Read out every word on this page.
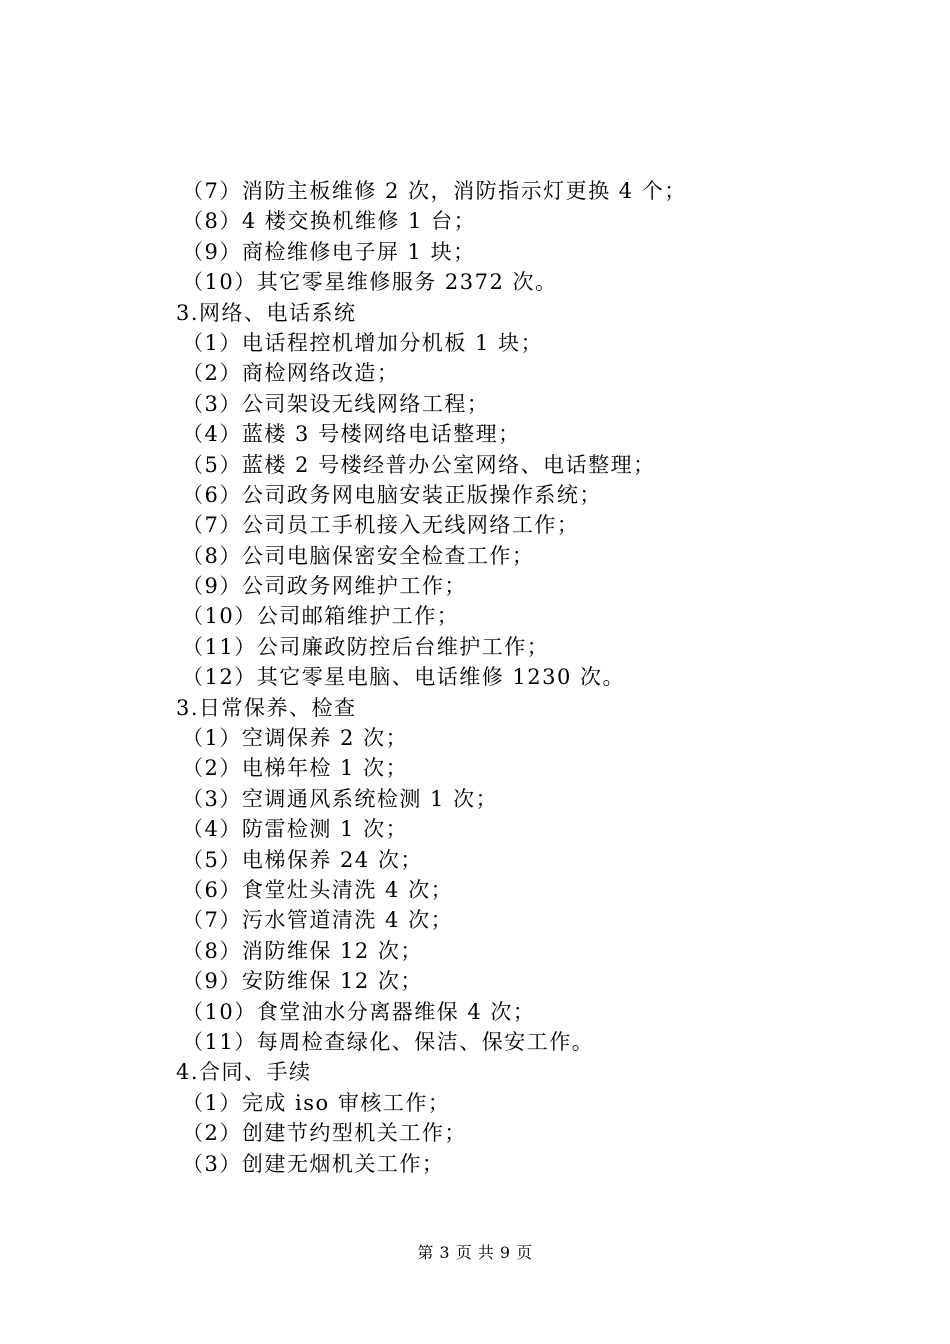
（7）消防主板维修 2 次，消防指示灯更换 4 个；
（8）4 楼交换机维修 1 台；
（9）商检维修电子屏 1 块；
（10）其它零星维修服务 2372 次。
3.网络、电话系统
（1）电话程控机增加分机板 1 块；
（2）商检网络改造；
（3）公司架设无线网络工程；
（4）蓝楼 3 号楼网络电话整理；
（5）蓝楼 2 号楼经普办公室网络、电话整理；
（6）公司政务网电脑安装正版操作系统；
（7）公司员工手机接入无线网络工作；
（8）公司电脑保密安全检查工作；
（9）公司政务网维护工作；
（10）公司邮箱维护工作；
（11）公司廉政防控后台维护工作；
（12）其它零星电脑、电话维修 1230 次。
3.日常保养、检查
（1）空调保养 2 次；
（2）电梯年检 1 次；
（3）空调通风系统检测 1 次；
（4）防雷检测 1 次；
（5）电梯保养 24 次；
（6）食堂灶头清洗 4 次；
（7）污水管道清洗 4 次；
（8）消防维保 12 次；
（9）安防维保 12 次；
（10）食堂油水分离器维保 4 次；
（11）每周检查绿化、保洁、保安工作。
4.合同、手续
（1）完成 iso 审核工作；
（2）创建节约型机关工作；
（3）创建无烟机关工作；
第 3 页 共 9 页
